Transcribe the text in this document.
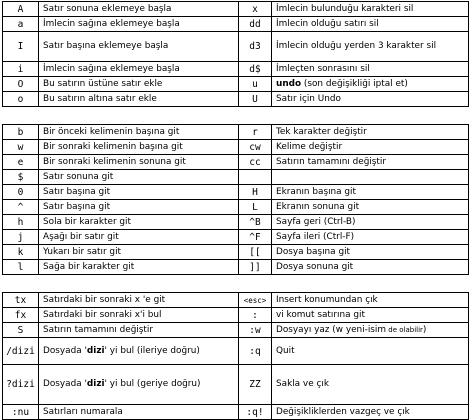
A	Satır sonuna eklemeye başla	x	İmlecin bulunduğu karakteri sil
a	İmlecin sağına eklemeye başla	dd	İmlecin olduğu satırı sil
I	Satır başına eklemeye başla	d3	İmlecin olduğu yerden 3 karakter sil
i	İmlecin sağına eklemeye başla	d$	İmleçten sonrasını sil
O	Bu satırın üstüne satır ekle	u	undo (son değişikliği iptal et)
o	Bu satırın altına satır ekle	U	Satır için Undo
b	Bir önceki kelimenin başına git	r	Tek karakter değiştir
w	Bir sonraki kelimenin başına git	cw	Kelime değiştir
e	Bir sonraki kelimenin sonuna git	cc	Satırın tamamını değiştir
$	Satır sonuna git		
0	Satır başına git	H	Ekranın başına git
^	Satır başına git	L	Ekranın sonuna git
h	Sola bir karakter git	^B	Sayfa geri (Ctrl-B)
j	Aşağı bir satır git	^F	Sayfa ileri (Ctrl-F)
k	Yukarı bir satır git	[[	Dosya başına git
l	Sağa bir karakter git	]]	Dosya sonuna git
tx	Satırdaki bir sonraki x 'e git	<esc>	Insert konumundan çık
fx	Satırdaki bir sonraki x'i bul	:	vi komut satırına git
S	Satırın tamamını değiştir	:w	Dosyayı yaz (w yeni-isim de olabilir)
/dizi	Dosyada 'dizi' yi bul (ileriye doğru)	:q	Quit
?dizi	Dosyada 'dizi' yi bul (geriye doğru)	ZZ	Sakla ve çık
:nu	Satırları numarala	:q!	Değişikliklerden vazgeç ve çık
